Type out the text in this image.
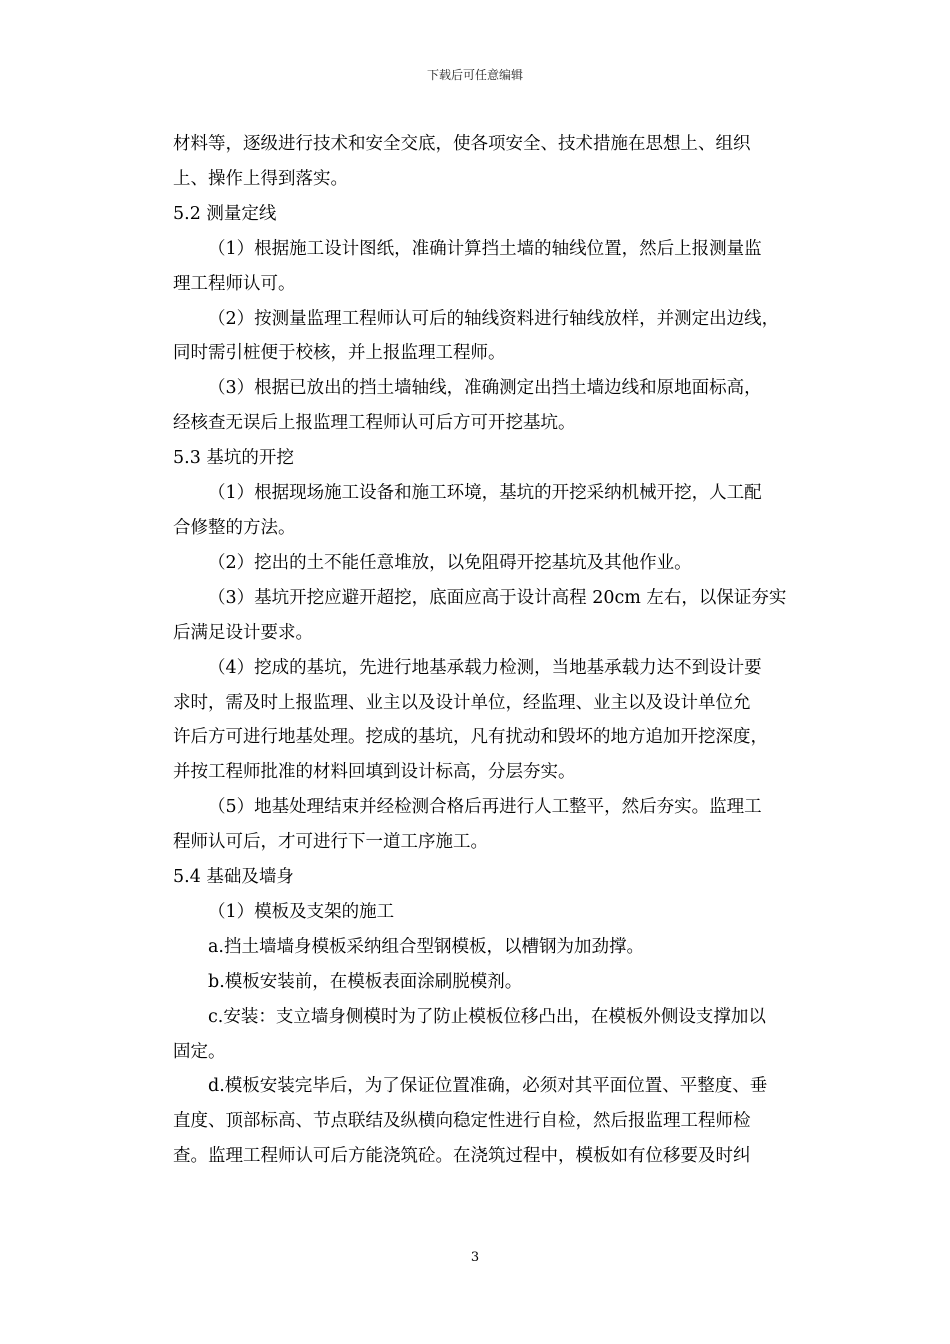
下载后可任意编辑

材料等，逐级进行技术和安全交底，使各项安全、技术措施在思想上、组织

上、操作上得到落实。

5.2 测量定线

（1）根据施工设计图纸，准确计算挡土墙的轴线位置，然后上报测量监

理工程师认可。

（2）按测量监理工程师认可后的轴线资料进行轴线放样，并测定出边线，

同时需引桩便于校核，并上报监理工程师。

（3）根据已放出的挡土墙轴线，准确测定出挡土墙边线和原地面标高，

经核查无误后上报监理工程师认可后方可开挖基坑。

5.3 基坑的开挖

（1）根据现场施工设备和施工环境，基坑的开挖采纳机械开挖，人工配

合修整的方法。

（2）挖出的土不能任意堆放，以免阻碍开挖基坑及其他作业。

（3）基坑开挖应避开超挖，底面应高于设计高程 20cm 左右，以保证夯实

后满足设计要求。

（4）挖成的基坑，先进行地基承载力检测，当地基承载力达不到设计要

求时，需及时上报监理、业主以及设计单位，经监理、业主以及设计单位允

许后方可进行地基处理。挖成的基坑，凡有扰动和毁坏的地方追加开挖深度，

并按工程师批准的材料回填到设计标高，分层夯实。

（5）地基处理结束并经检测合格后再进行人工整平，然后夯实。监理工

程师认可后，才可进行下一道工序施工。

5.4 基础及墙身

（1）模板及支架的施工

a.挡土墙墙身模板采纳组合型钢模板，以槽钢为加劲撑。

b.模板安装前，在模板表面涂刷脱模剂。

c.安装：支立墙身侧模时为了防止模板位移凸出，在模板外侧设支撑加以

固定。

d.模板安装完毕后，为了保证位置准确，必须对其平面位置、平整度、垂

直度、顶部标高、节点联结及纵横向稳定性进行自检，然后报监理工程师检

查。监理工程师认可后方能浇筑砼。在浇筑过程中，模板如有位移要及时纠

3
